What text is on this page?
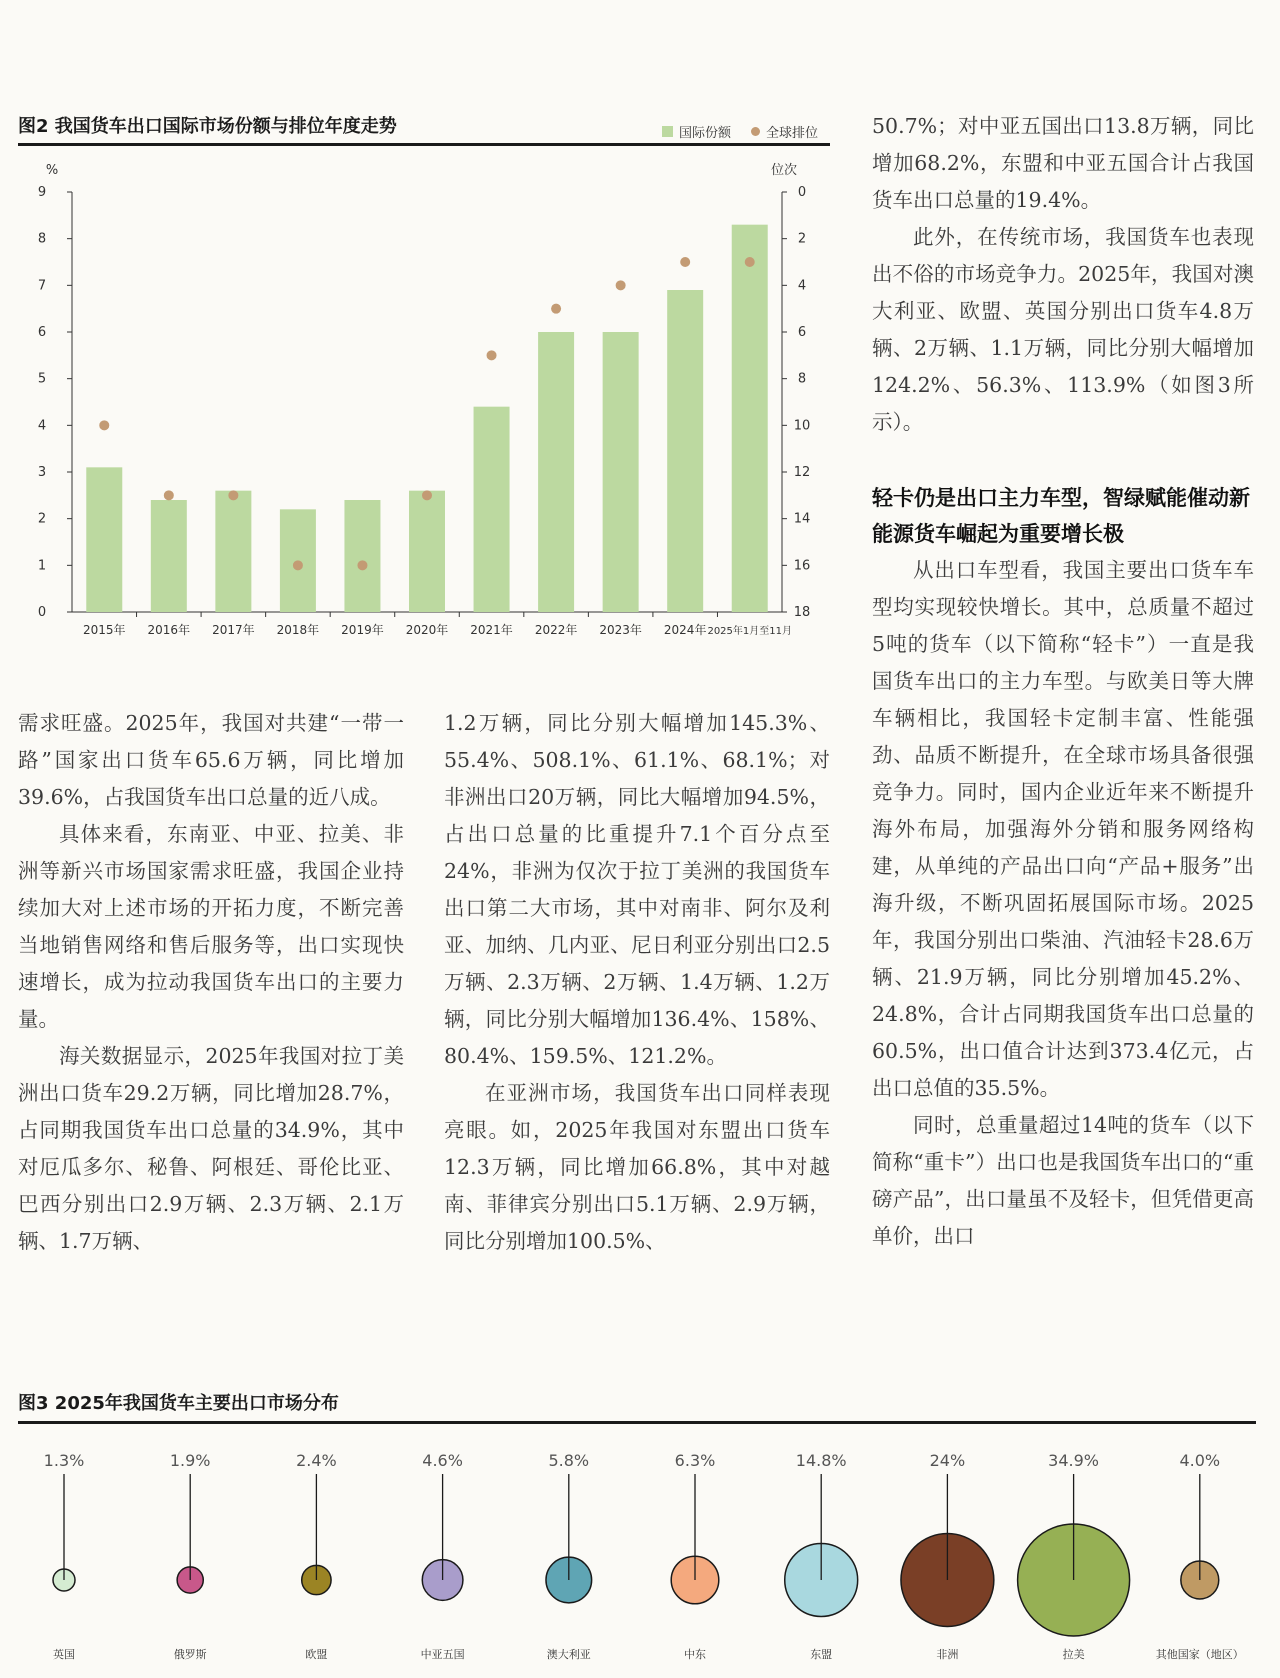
图2 我国货车出口国际市场份额与排位年度走势	国际份额	全球排位
%	位次
0
1
2
3
4
5
6
7
8
9	0
2
4
6
8
10
12
14
16
18
2015年 2016年 2017年 2018年 2019年 2020年 2021年 2022年 2023年 2024年 2025年1月至11月

50.7%；对中亚五国出口13.8万辆，同比增加68.2%，东盟和中亚五国合计占我国货车出口总量的19.4%。

此外，在传统市场，我国货车也表现出不俗的市场竞争力。2025年，我国对澳大利亚、欧盟、英国分别出口货车4.8万辆、2万辆、1.1万辆，同比分别大幅增加124.2%、56.3%、113.9%（如图3所示）。

轻卡仍是出口主力车型，智绿赋能催动新能源货车崛起为重要增长极

从出口车型看，我国主要出口货车车型均实现较快增长。其中，总质量不超过5吨的货车（以下简称“轻卡”）一直是我国货车出口的主力车型。与欧美日等大牌车辆相比，我国轻卡定制丰富、性能强劲、品质不断提升，在全球市场具备很强竞争力。同时，国内企业近年来不断提升海外布局，加强海外分销和服务网络构建，从单纯的产品出口向“产品+服务”出海升级，不断巩固拓展国际市场。2025年，我国分别出口柴油、汽油轻卡28.6万辆、21.9万辆，同比分别增加45.2%、24.8%，合计占同期我国货车出口总量的60.5%，出口值合计达到373.4亿元，占出口总值的35.5%。

同时，总重量超过14吨的货车（以下简称“重卡”）出口也是我国货车出口的“重磅产品”，出口量虽不及轻卡，但凭借更高单价，出口

需求旺盛。2025年，我国对共建“一带一路”国家出口货车65.6万辆，同比增加39.6%，占我国货车出口总量的近八成。

具体来看，东南亚、中亚、拉美、非洲等新兴市场国家需求旺盛，我国企业持续加大对上述市场的开拓力度，不断完善当地销售网络和售后服务等，出口实现快速增长，成为拉动我国货车出口的主要力量。

海关数据显示，2025年我国对拉丁美洲出口货车29.2万辆，同比增加28.7%，占同期我国货车出口总量的34.9%，其中对厄瓜多尔、秘鲁、阿根廷、哥伦比亚、巴西分别出口2.9万辆、2.3万辆、2.1万辆、1.7万辆、

1.2万辆，同比分别大幅增加145.3%、55.4%、508.1%、61.1%、68.1%；对非洲出口20万辆，同比大幅增加94.5%，占出口总量的比重提升7.1个百分点至24%，非洲为仅次于拉丁美洲的我国货车出口第二大市场，其中对南非、阿尔及利亚、加纳、几内亚、尼日利亚分别出口2.5万辆、2.3万辆、2万辆、1.4万辆、1.2万辆，同比分别大幅增加136.4%、158%、80.4%、159.5%、121.2%。

在亚洲市场，我国货车出口同样表现亮眼。如，2025年我国对东盟出口货车12.3万辆，同比增加66.8%，其中对越南、菲律宾分别出口5.1万辆、2.9万辆，同比分别增加100.5%、

图3 2025年我国货车主要出口市场分布
1.3%
英国
1.9%
俄罗斯
2.4%
欧盟
4.6%
中亚五国
5.8%
澳大利亚
6.3%
中东
14.8%
东盟
24%
非洲
34.9%
拉美
4.0%
其他国家（地区）
